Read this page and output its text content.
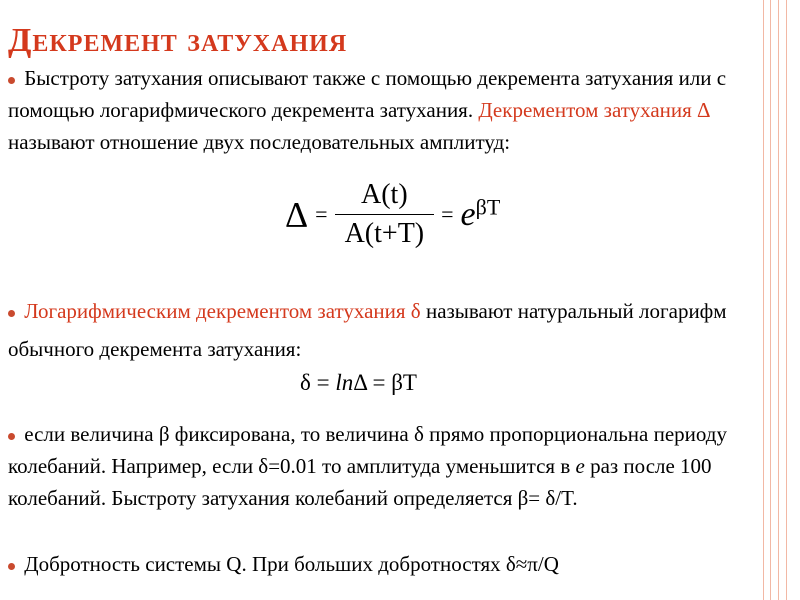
Декремент затухания
Быстроту затухания описывают также с помощью декремента затухания или с помощью логарифмического декремента затухания. Декрементом затухания Δ называют отношение двух последовательных амплитуд:
$\Delta = \frac{A(t)}{A(t+T)} = e^{\beta T}$
Логарифмическим декрементом затухания δ называют натуральный логарифм обычного декремента затухания:
δ = lnΔ = βT
если величина β фиксирована, то величина δ прямо пропорциональна периоду колебаний. Например, если δ=0.01 то амплитуда уменьшится в e раз после 100 колебаний. Быстроту затухания колебаний определяется β= δ/T.
Добротность системы Q. При больших добротностях δ≈π/Q
